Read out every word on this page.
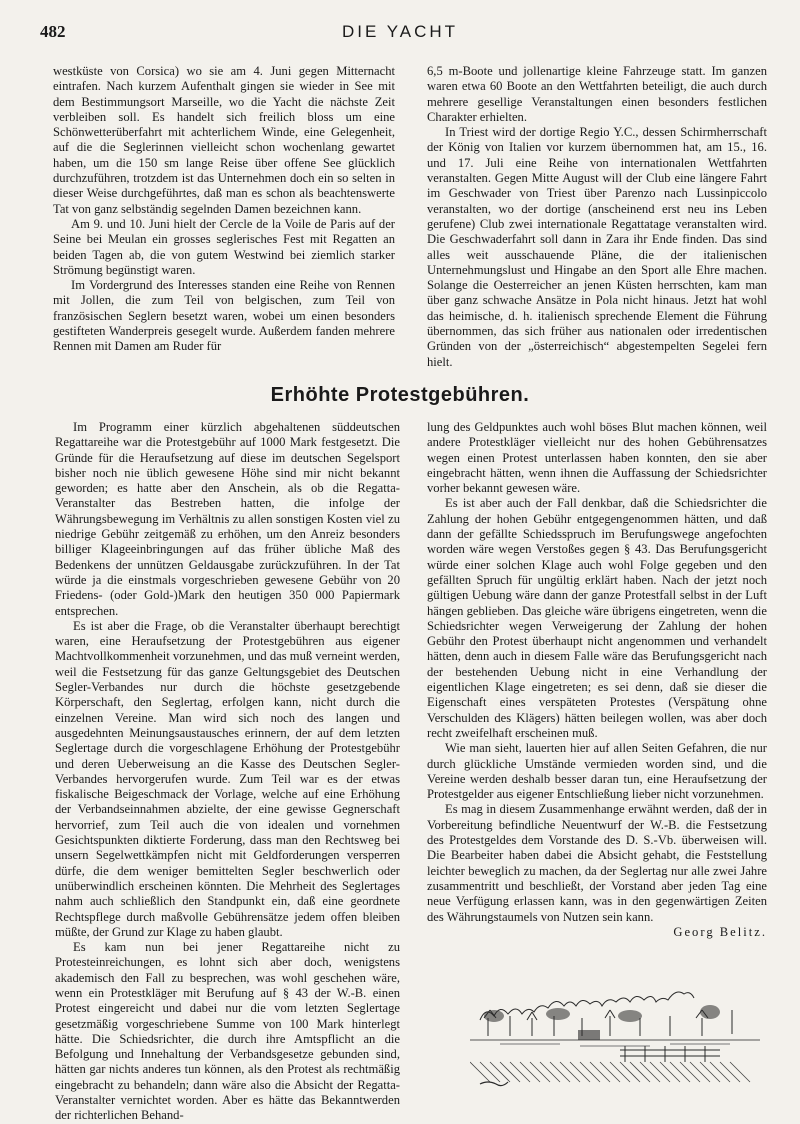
482	DIE YACHT

westküste von Corsica) wo sie am 4. Juni gegen Mitternacht eintrafen. Nach kurzem Aufenthalt gingen sie wieder in See mit dem Bestimmungsort Marseille, wo die Yacht die nächste Zeit verbleiben soll. Es handelt sich freilich bloss um eine Schönwetterüberfahrt mit achterlichem Winde, eine Gelegenheit, auf die die Seglerinnen vielleicht schon wochenlang gewartet haben, um die 150 sm lange Reise über offene See glücklich durchzuführen, trotzdem ist das Unternehmen doch ein so selten in dieser Weise durchgeführtes, daß man es schon als beachtenswerte Tat von ganz selbständig segelnden Damen bezeichnen kann.

Am 9. und 10. Juni hielt der Cercle de la Voile de Paris auf der Seine bei Meulan ein grosses seglerisches Fest mit Regatten an beiden Tagen ab, die von gutem Westwind bei ziemlich starker Strömung begünstigt waren.

Im Vordergrund des Interesses standen eine Reihe von Rennen mit Jollen, die zum Teil von belgischen, zum Teil von französischen Seglern besetzt waren, wobei um einen besonders gestifteten Wanderpreis gesegelt wurde. Außerdem fanden mehrere Rennen mit Damen am Ruder für

6,5 m-Boote und jollenartige kleine Fahrzeuge statt. Im ganzen waren etwa 60 Boote an den Wettfahrten beteiligt, die auch durch mehrere gesellige Veranstaltungen einen besonders festlichen Charakter erhielten.

In Triest wird der dortige Regio Y.C., dessen Schirmherrschaft der König von Italien vor kurzem übernommen hat, am 15., 16. und 17. Juli eine Reihe von internationalen Wettfahrten veranstalten. Gegen Mitte August will der Club eine längere Fahrt im Geschwader von Triest über Parenzo nach Lussinpiccolo veranstalten, wo der dortige (anscheinend erst neu ins Leben gerufene) Club zwei internationale Regattatage veranstalten wird. Die Geschwaderfahrt soll dann in Zara ihr Ende finden. Das sind alles weit ausschauende Pläne, die der italienischen Unternehmungslust und Hingabe an den Sport alle Ehre machen. Solange die Oesterreicher an jenen Küsten herrschten, kam man über ganz schwache Ansätze in Pola nicht hinaus. Jetzt hat wohl das heimische, d. h. italienisch sprechende Element die Führung übernommen, das sich früher aus nationalen oder irredentischen Gründen von der „österreichisch“ abgestempelten Segelei fern hielt.

Erhöhte Protestgebühren.

Im Programm einer kürzlich abgehaltenen süddeutschen Regattareihe war die Protestgebühr auf 1000 Mark festgesetzt. Die Gründe für die Heraufsetzung auf diese im deutschen Segelsport bisher noch nie üblich gewesene Höhe sind mir nicht bekannt geworden; es hatte aber den Anschein, als ob die Regatta-Veranstalter das Bestreben hatten, die infolge der Währungsbewegung im Verhältnis zu allen sonstigen Kosten viel zu niedrige Gebühr zeitgemäß zu erhöhen, um den Anreiz besonders billiger Klageeinbringungen auf das früher übliche Maß des Bedenkens der unnützen Geldausgabe zurückzuführen. In der Tat würde ja die einstmals vorgeschrieben gewesene Gebühr von 20 Friedens- (oder Gold-)Mark den heutigen 350 000 Papiermark entsprechen.

Es ist aber die Frage, ob die Veranstalter überhaupt berechtigt waren, eine Heraufsetzung der Protestgebühren aus eigener Machtvollkommenheit vorzunehmen, und das muß verneint werden, weil die Festsetzung für das ganze Geltungsgebiet des Deutschen Segler-Verbandes nur durch die höchste gesetzgebende Körperschaft, den Seglertag, erfolgen kann, nicht durch die einzelnen Vereine. Man wird sich noch des langen und ausgedehnten Meinungsaustausches erinnern, der auf dem letzten Seglertage durch die vorgeschlagene Erhöhung der Protestgebühr und deren Ueberweisung an die Kasse des Deutschen Segler-Verbandes hervorgerufen wurde. Zum Teil war es der etwas fiskalische Beigeschmack der Vorlage, welche auf eine Erhöhung der Verbandseinnahmen abzielte, der eine gewisse Gegnerschaft hervorrief, zum Teil auch die von idealen und vornehmen Gesichtspunkten diktierte Forderung, dass man den Rechtsweg bei unsern Segelwettkämpfen nicht mit Geldforderungen versperren dürfe, die dem weniger bemittelten Segler beschwerlich oder unüberwindlich erscheinen könnten. Die Mehrheit des Seglertages nahm auch schließlich den Standpunkt ein, daß eine geordnete Rechtspflege durch maßvolle Gebührensätze jedem offen bleiben müßte, der Grund zur Klage zu haben glaubt.

Es kam nun bei jener Regattareihe nicht zu Protesteinreichungen, es lohnt sich aber doch, wenigstens akademisch den Fall zu besprechen, was wohl geschehen wäre, wenn ein Protestkläger mit Berufung auf § 43 der W.-B. einen Protest eingereicht und dabei nur die vom letzten Seglertage gesetzmäßig vorgeschriebene Summe von 100 Mark hinterlegt hätte. Die Schiedsrichter, die durch ihre Amtspflicht an die Befolgung und Innehaltung der Verbandsgesetze gebunden sind, hätten gar nichts anderes tun können, als den Protest als rechtmäßig eingebracht zu behandeln; dann wäre also die Absicht der Regatta-Veranstalter vernichtet worden. Aber es hätte das Bekanntwerden der richterlichen Behand-

lung des Geldpunktes auch wohl böses Blut machen können, weil andere Protestkläger vielleicht nur des hohen Gebührensatzes wegen einen Protest unterlassen haben konnten, den sie aber eingebracht hätten, wenn ihnen die Auffassung der Schiedsrichter vorher bekannt gewesen wäre.

Es ist aber auch der Fall denkbar, daß die Schiedsrichter die Zahlung der hohen Gebühr entgegengenommen hätten, und daß dann der gefällte Schiedsspruch im Berufungswege angefochten worden wäre wegen Verstoßes gegen § 43. Das Berufungsgericht würde einer solchen Klage auch wohl Folge gegeben und den gefällten Spruch für ungültig erklärt haben. Nach der jetzt noch gültigen Uebung wäre dann der ganze Protestfall selbst in der Luft hängen geblieben. Das gleiche wäre übrigens eingetreten, wenn die Schiedsrichter wegen Verweigerung der Zahlung der hohen Gebühr den Protest überhaupt nicht angenommen und verhandelt hätten, denn auch in diesem Falle wäre das Berufungsgericht nach der bestehenden Uebung nicht in eine Verhandlung der eigentlichen Klage eingetreten; es sei denn, daß sie dieser die Eigenschaft eines verspäteten Protestes (Verspätung ohne Verschulden des Klägers) hätten beilegen wollen, was aber doch recht zweifelhaft erscheinen muß.

Wie man sieht, lauerten hier auf allen Seiten Gefahren, die nur durch glückliche Umstände vermieden worden sind, und die Vereine werden deshalb besser daran tun, eine Heraufsetzung der Protestgelder aus eigener Entschließung lieber nicht vorzunehmen.

Es mag in diesem Zusammenhange erwähnt werden, daß der in Vorbereitung befindliche Neuentwurf der W.-B. die Festsetzung des Protestgeldes dem Vorstande des D. S.-Vb. überweisen will. Die Bearbeiter haben dabei die Absicht gehabt, die Feststellung leichter beweglich zu machen, da der Seglertag nur alle zwei Jahre zusammentritt und beschließt, der Vorstand aber jeden Tag eine neue Verfügung erlassen kann, was in den gegenwärtigen Zeiten des Währungstaumels von Nutzen sein kann.

Georg Belitz.
